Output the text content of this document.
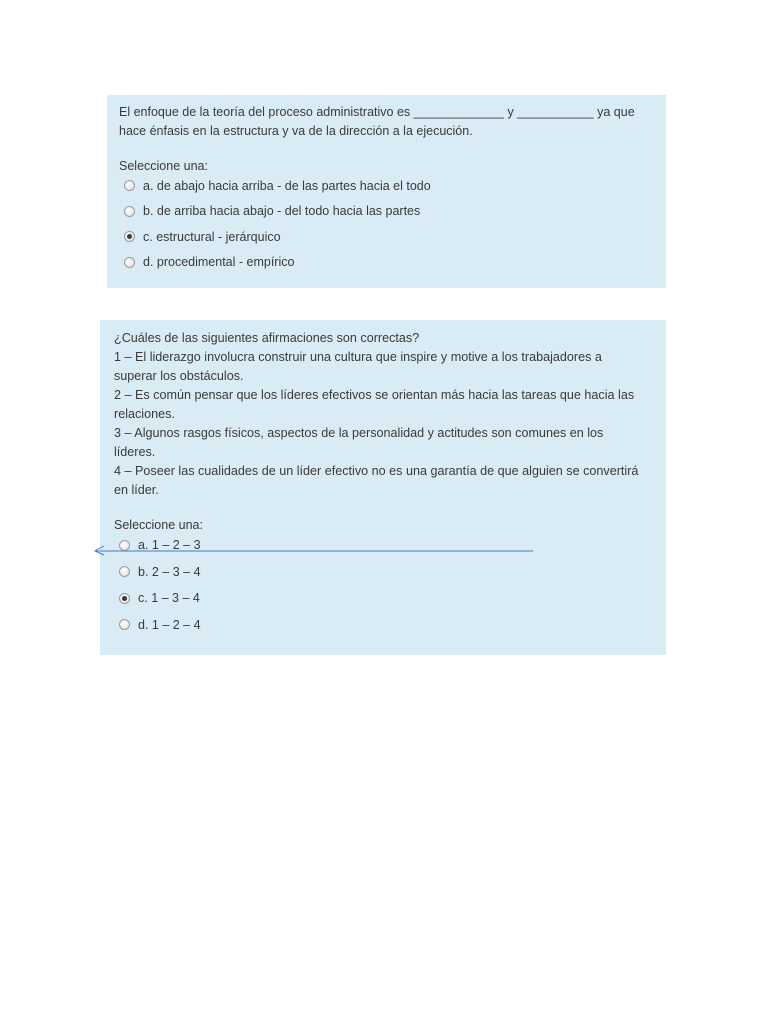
El enfoque de la teoría del proceso administrativo es _____________ y ___________ ya que
hace énfasis en la estructura y va de la dirección a la ejecución.

Seleccione una:

a. de abajo hacia arriba - de las partes hacia el todo
b. de arriba hacia abajo - del todo hacia las partes
c. estructural - jerárquico
d. procedimental - empírico

¿Cuáles de las siguientes afirmaciones son correctas?
1 – El liderazgo involucra construir una cultura que inspire y motive a los trabajadores a
superar los obstáculos.
2 – Es común pensar que los líderes efectivos se orientan más hacia las tareas que hacia las
relaciones.
3 – Algunos rasgos físicos, aspectos de la personalidad y actitudes son comunes en los
líderes.
4 – Poseer las cualidades de un líder efectivo no es una garantía de que alguien se convertirá
en líder.

Seleccione una:

a. 1 – 2 – 3
b. 2 – 3 – 4
c. 1 – 3 – 4
d. 1 – 2 – 4
